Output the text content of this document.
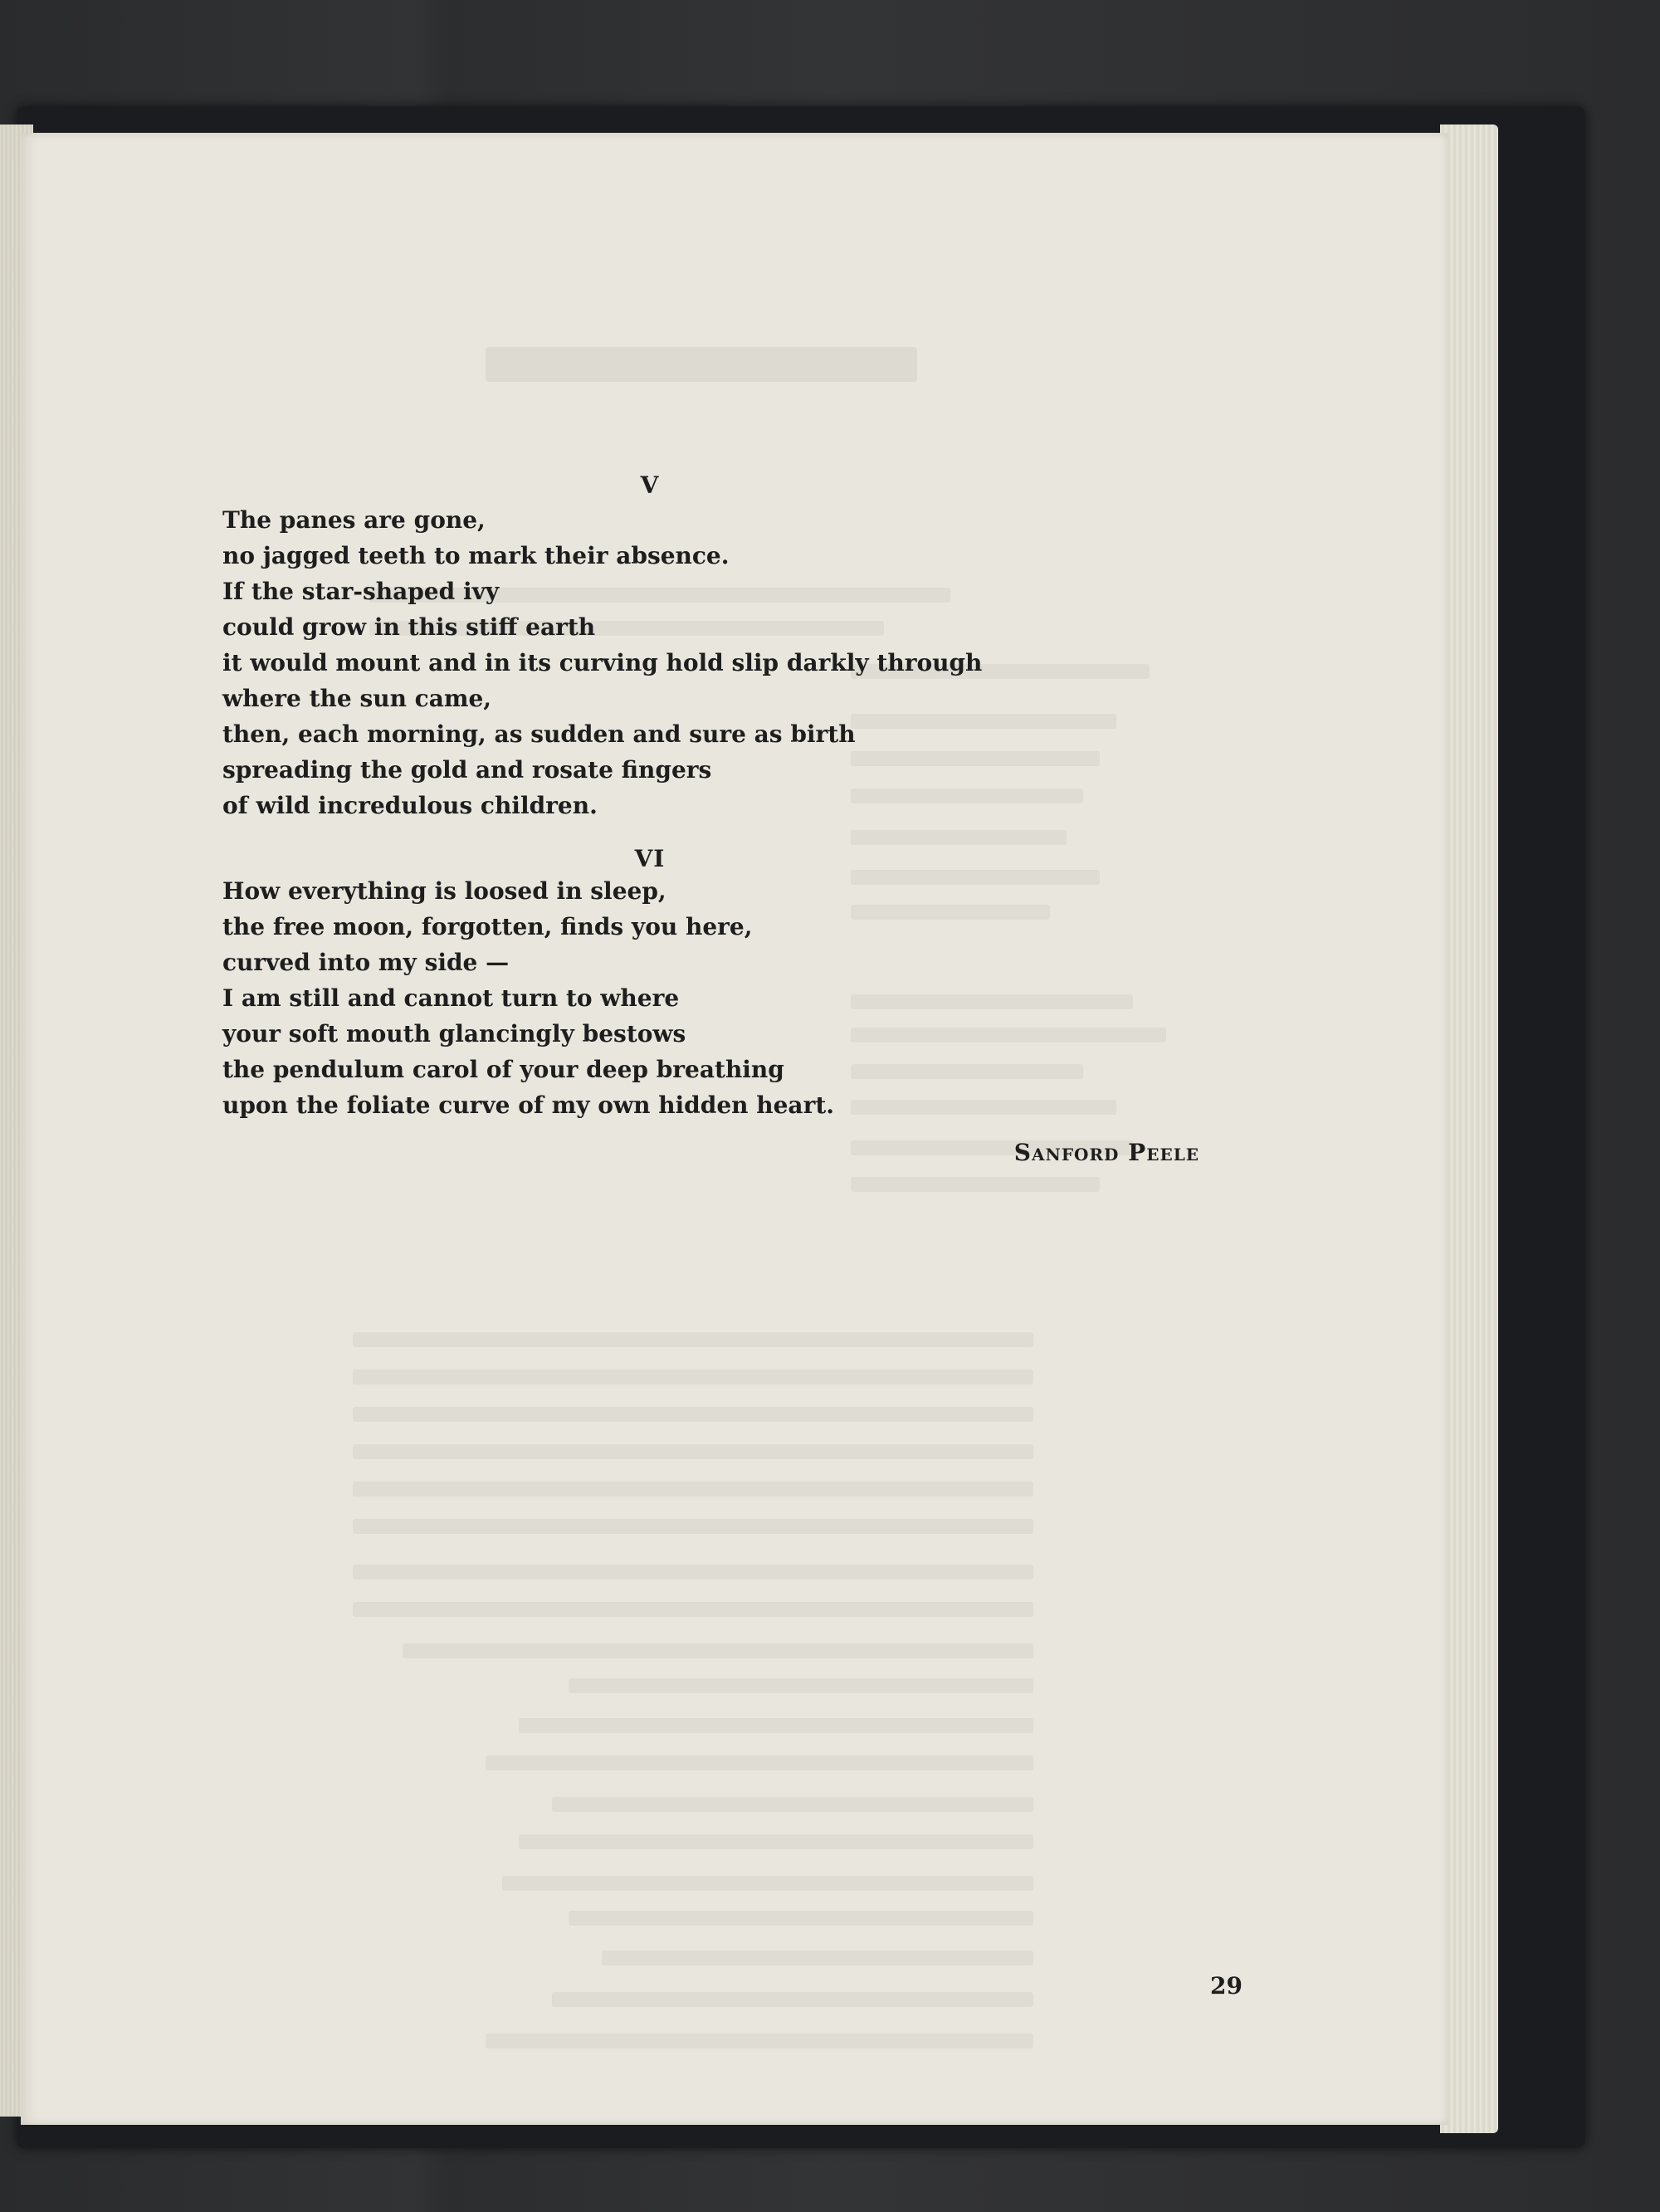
V
The panes are gone,
no jagged teeth to mark their absence.
If the star-shaped ivy
could grow in this stiff earth
it would mount and in its curving hold slip darkly through
where the sun came,
then, each morning, as sudden and sure as birth
spreading the gold and rosate fingers
of wild incredulous children.
VI
How everything is loosed in sleep,
the free moon, forgotten, finds you here,
curved into my side —
I am still and cannot turn to where
your soft mouth glancingly bestows
the pendulum carol of your deep breathing
upon the foliate curve of my own hidden heart.
Sanford Peele
29
